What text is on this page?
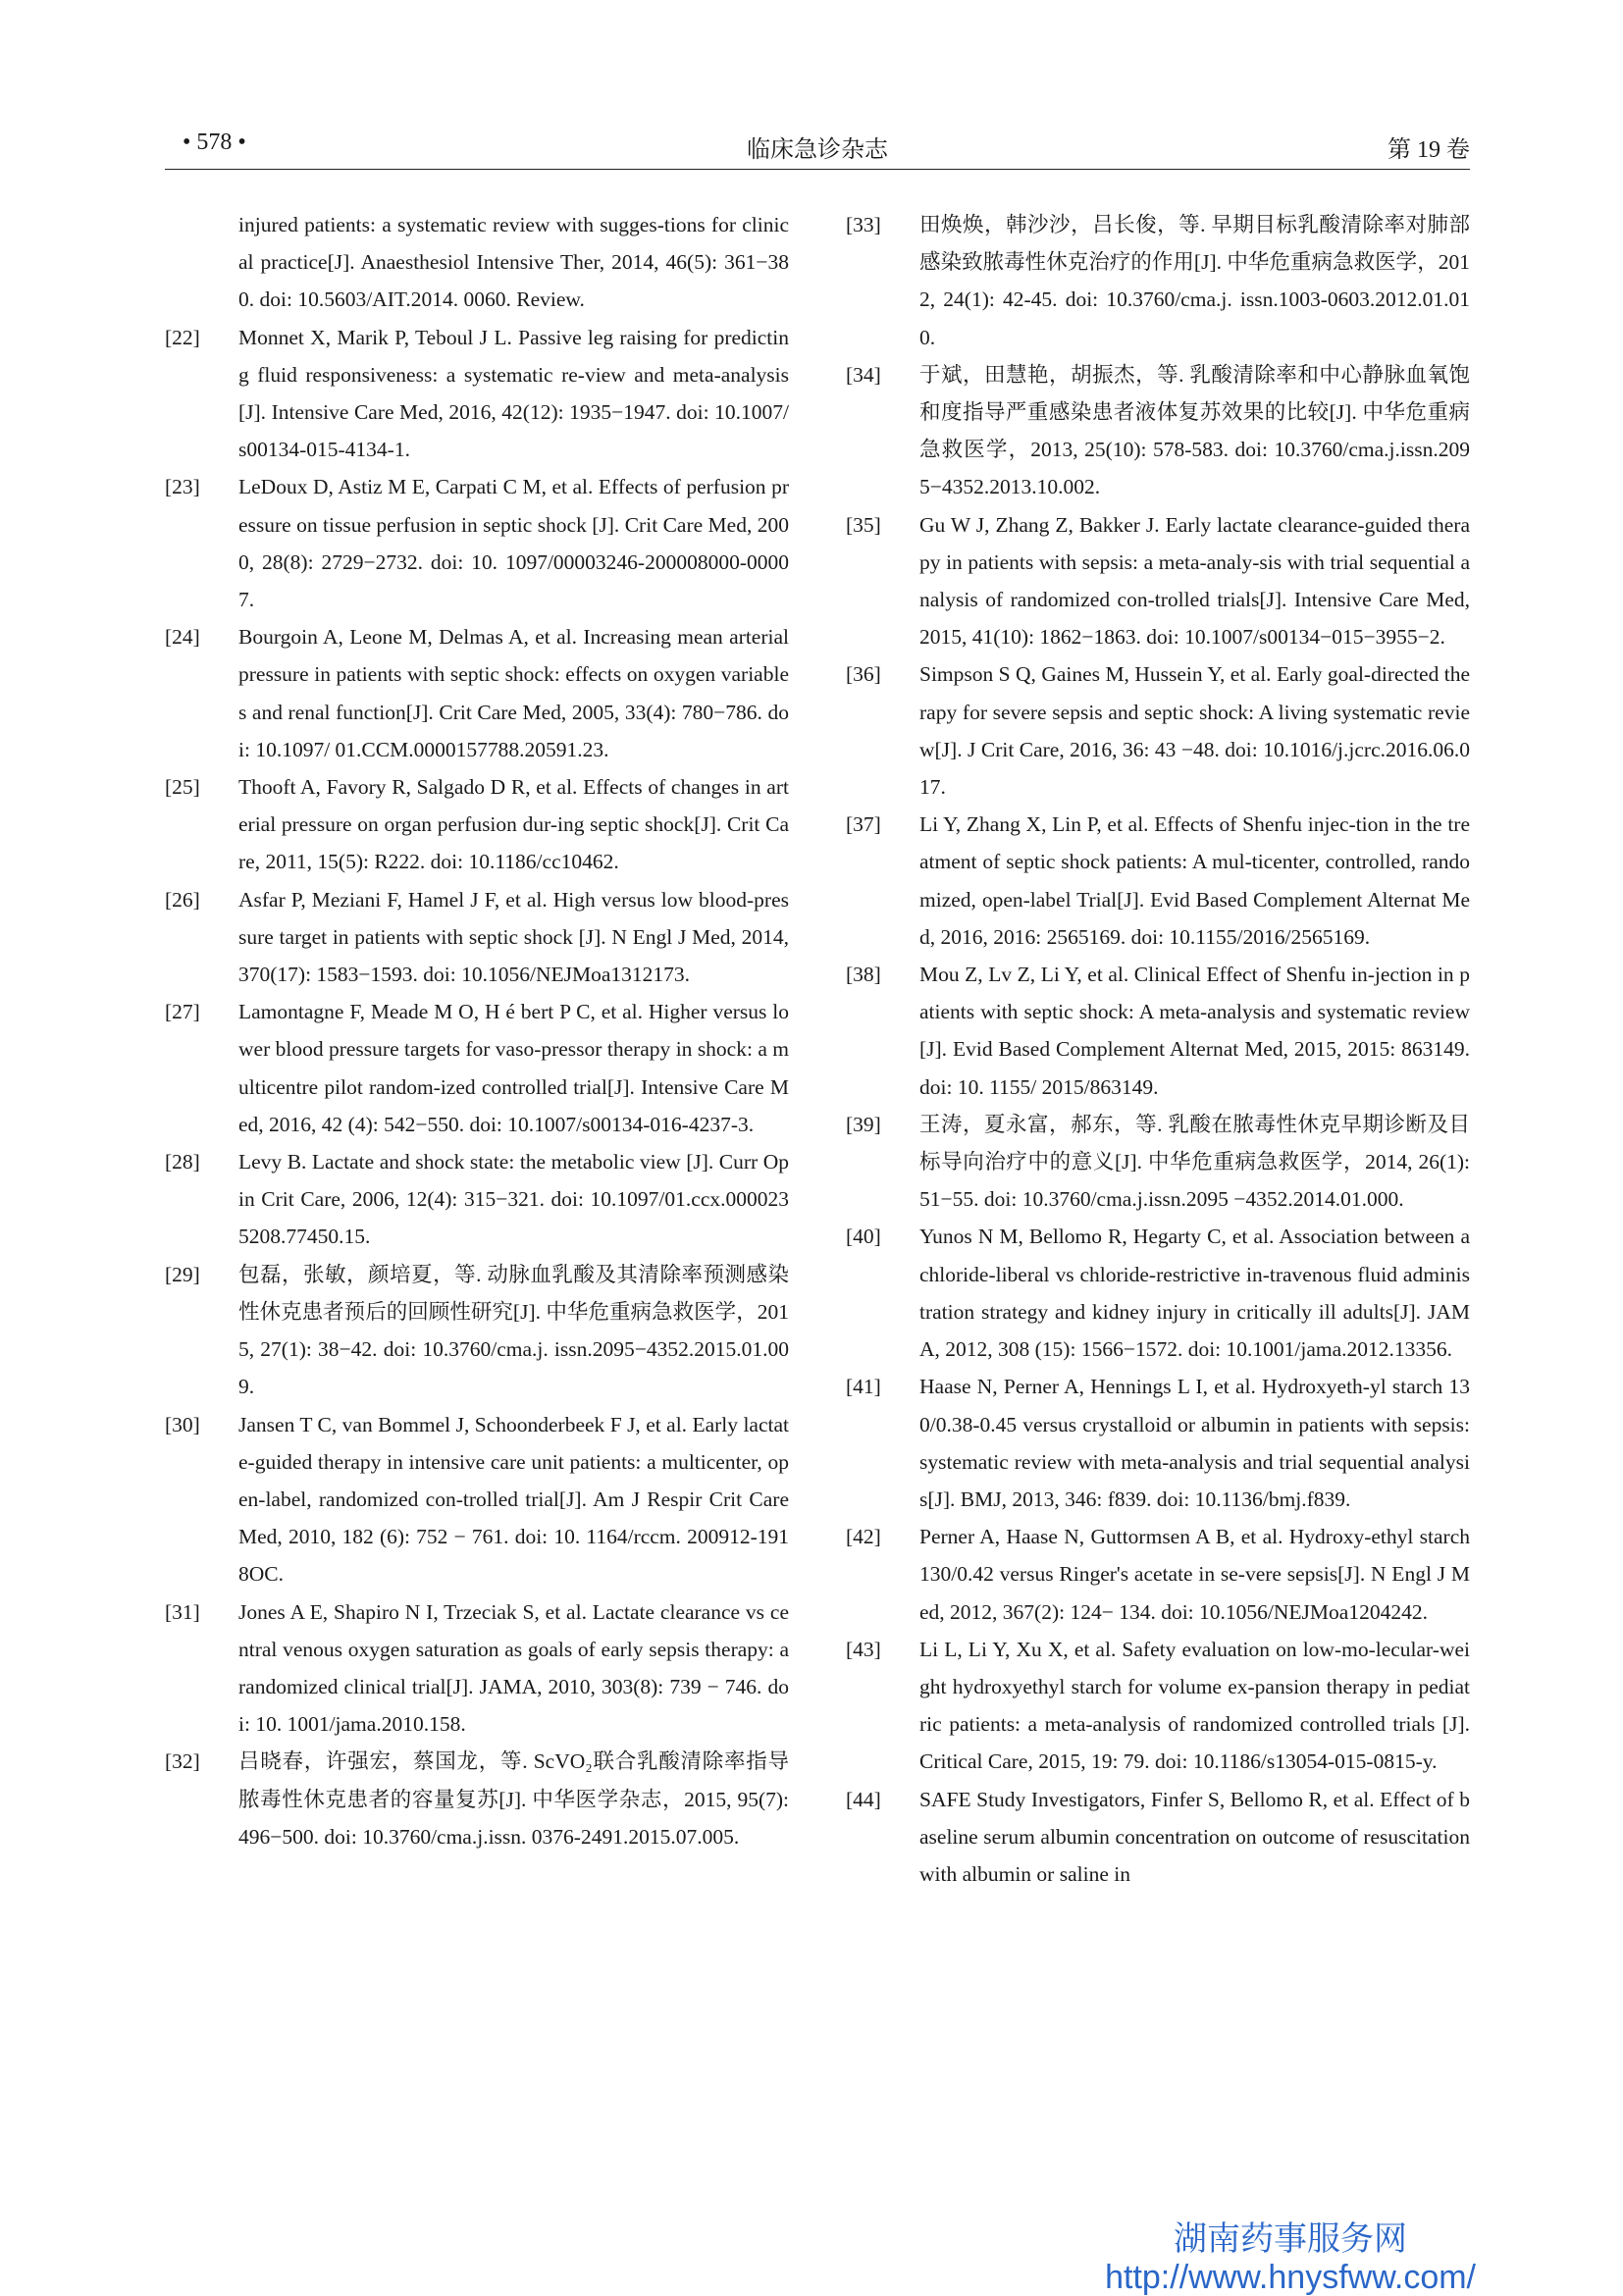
• 578 •	临床急诊杂志	第 19 卷
injured patients: a systematic review with sugges-tions for clinical practice[J]. Anaesthesiol Intensive Ther, 2014, 46(5): 361−380. doi: 10.5603/AIT.2014. 0060. Review.
[22] Monnet X, Marik P, Teboul J L. Passive leg raising for predicting fluid responsiveness: a systematic re-view and meta-analysis [J]. Intensive Care Med, 2016, 42(12): 1935−1947. doi: 10.1007/s00134-015-4134-1.
[23] LeDoux D, Astiz M E, Carpati C M, et al. Effects of perfusion pressure on tissue perfusion in septic shock [J]. Crit Care Med, 2000, 28(8): 2729−2732. doi: 10. 1097/00003246-200008000-00007.
[24] Bourgoin A, Leone M, Delmas A, et al. Increasing mean arterial pressure in patients with septic shock: effects on oxygen variables and renal function[J]. Crit Care Med, 2005, 33(4): 780−786. doi: 10.1097/ 01.CCM.0000157788.20591.23.
[25] Thooft A, Favory R, Salgado D R, et al. Effects of changes in arterial pressure on organ perfusion dur-ing septic shock[J]. Crit Care, 2011, 15(5): R222. doi: 10.1186/cc10462.
[26] Asfar P, Meziani F, Hamel J F, et al. High versus low blood-pressure target in patients with septic shock [J]. N Engl J Med, 2014, 370(17): 1583−1593. doi: 10.1056/NEJMoa1312173.
[27] Lamontagne F, Meade M O, H é bert P C, et al. Higher versus lower blood pressure targets for vaso-pressor therapy in shock: a multicentre pilot random-ized controlled trial[J]. Intensive Care Med, 2016, 42 (4): 542−550. doi: 10.1007/s00134-016-4237-3.
[28] Levy B. Lactate and shock state: the metabolic view [J]. Curr Opin Crit Care, 2006, 12(4): 315−321. doi: 10.1097/01.ccx.0000235208.77450.15.
[29] 包磊，张敏，颜培夏，等. 动脉血乳酸及其清除率预测感染性休克患者预后的回顾性研究[J]. 中华危重病急救医学，2015, 27(1): 38−42. doi: 10.3760/cma.j. issn.2095−4352.2015.01.009.
[30] Jansen T C, van Bommel J, Schoonderbeek F J, et al. Early lactate-guided therapy in intensive care unit patients: a multicenter, open-label, randomized con-trolled trial[J]. Am J Respir Crit Care Med, 2010, 182 (6): 752 − 761. doi: 10. 1164/rccm. 200912-1918OC.
[31] Jones A E, Shapiro N I, Trzeciak S, et al. Lactate clearance vs central venous oxygen saturation as goals of early sepsis therapy: a randomized clinical trial[J]. JAMA, 2010, 303(8): 739 − 746. doi: 10. 1001/jama.2010.158.
[32] 吕晓春，许强宏，蔡国龙，等. ScVO₂联合乳酸清除率指导脓毒性休克患者的容量复苏[J]. 中华医学杂志，2015, 95(7): 496−500. doi: 10.3760/cma.j.issn. 0376-2491.2015.07.005.
[33] 田焕焕，韩沙沙，吕长俊，等. 早期目标乳酸清除率对肺部感染致脓毒性休克治疗的作用[J]. 中华危重病急救医学，2012, 24(1): 42-45. doi: 10.3760/cma.j. issn.1003-0603.2012.01.010.
[34] 于斌，田慧艳，胡振杰，等. 乳酸清除率和中心静脉血氧饱和度指导严重感染患者液体复苏效果的比较[J]. 中华危重病急救医学，2013, 25(10): 578-583. doi: 10.3760/cma.j.issn.2095−4352.2013.10.002.
[35] Gu W J, Zhang Z, Bakker J. Early lactate clearance-guided therapy in patients with sepsis: a meta-analy-sis with trial sequential analysis of randomized con-trolled trials[J]. Intensive Care Med, 2015, 41(10): 1862−1863. doi: 10.1007/s00134−015−3955−2.
[36] Simpson S Q, Gaines M, Hussein Y, et al. Early goal-directed therapy for severe sepsis and septic shock: A living systematic review[J]. J Crit Care, 2016, 36: 43 −48. doi: 10.1016/j.jcrc.2016.06.017.
[37] Li Y, Zhang X, Lin P, et al. Effects of Shenfu injec-tion in the treatment of septic shock patients: A mul-ticenter, controlled, randomized, open-label Trial[J]. Evid Based Complement Alternat Med, 2016, 2016: 2565169. doi: 10.1155/2016/2565169.
[38] Mou Z, Lv Z, Li Y, et al. Clinical Effect of Shenfu in-jection in patients with septic shock: A meta-analysis and systematic review[J]. Evid Based Complement Alternat Med, 2015, 2015: 863149. doi: 10. 1155/ 2015/863149.
[39] 王涛，夏永富，郝东，等. 乳酸在脓毒性休克早期诊断及目标导向治疗中的意义[J]. 中华危重病急救医学，2014, 26(1): 51−55. doi: 10.3760/cma.j.issn.2095 −4352.2014.01.000.
[40] Yunos N M, Bellomo R, Hegarty C, et al. Association between a chloride-liberal vs chloride-restrictive in-travenous fluid administration strategy and kidney injury in critically ill adults[J]. JAMA, 2012, 308 (15): 1566−1572. doi: 10.1001/jama.2012.13356.
[41] Haase N, Perner A, Hennings L I, et al. Hydroxyeth-yl starch 130/0.38-0.45 versus crystalloid or albumin in patients with sepsis: systematic review with meta-analysis and trial sequential analysis[J]. BMJ, 2013, 346: f839. doi: 10.1136/bmj.f839.
[42] Perner A, Haase N, Guttormsen A B, et al. Hydroxy-ethyl starch 130/0.42 versus Ringer's acetate in se-vere sepsis[J]. N Engl J Med, 2012, 367(2): 124− 134. doi: 10.1056/NEJMoa1204242.
[43] Li L, Li Y, Xu X, et al. Safety evaluation on low-mo-lecular-weight hydroxyethyl starch for volume ex-pansion therapy in pediatric patients: a meta-analysis of randomized controlled trials [J]. Critical Care, 2015, 19: 79. doi: 10.1186/s13054-015-0815-y.
[44] SAFE Study Investigators, Finfer S, Bellomo R, et al. Effect of baseline serum albumin concentration on outcome of resuscitation with albumin or saline in
湖南药事服务网
http://www.hnysfww.com/
